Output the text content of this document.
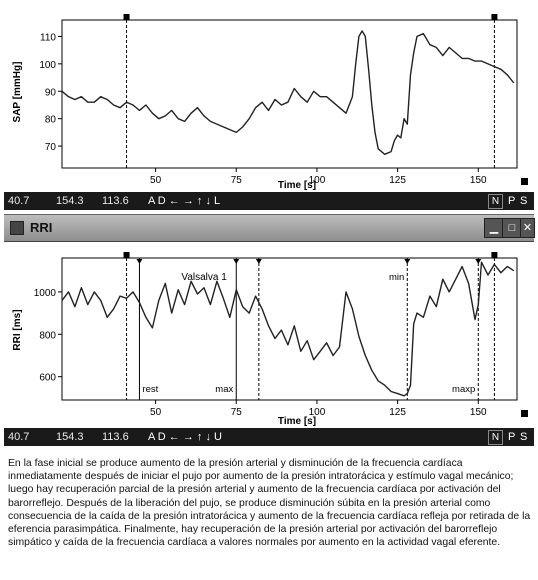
SAP [mmHg]
Time [s]
70
80
90
100
110
50	75	100	125	150
40.7 154.3 113.6 A D ← → ↑ ↓ L	N P S
RRI	▁ □ ✕
RRI [ms]
Time [s]
600
800
1000
50	75	100	125	150
rest	max
min
maxp
Valsalva 1
40.7 154.3 113.6 A D ← → ↑ ↓ U	N P S
En la fase inicial se produce aumento de la presión arterial y disminución de la frecuencia cardíaca inmediatamente después de iniciar el pujo por aumento de la presión intratorácica y estímulo vagal mecánico; luego hay recuperación parcial de la presión arterial y aumento de la frecuencia cardíaca por activación del barorreflejo. Después de la liberación del pujo, se produce disminución súbita en la presión arterial como consecuencia de la caída de la presión intratorácica y aumento de la frecuencia cardíaca refleja por retirada de la eferencia parasimpática. Finalmente, hay recuperación de la presión arterial por activación del barorreflejo simpático y caída de la frecuencia cardíaca a valores normales por aumento en la actividad vagal eferente.
